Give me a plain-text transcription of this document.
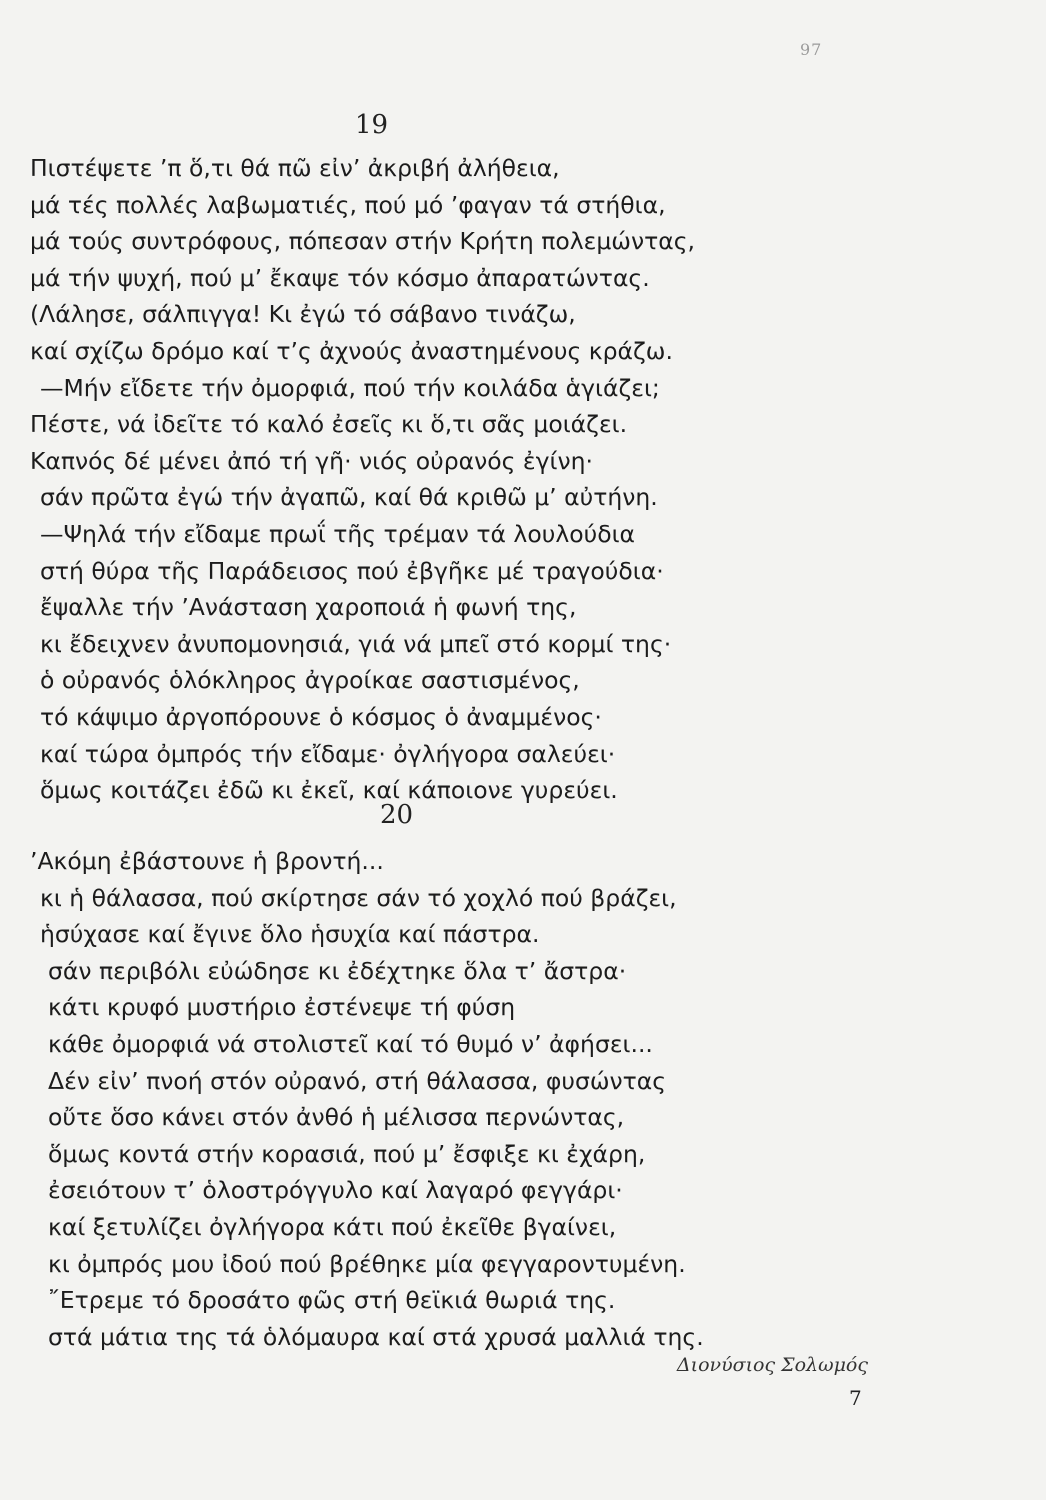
97
19
Πιστέψετε ’π ὅ,τι θά πῶ εἰν’ ἀκριβή ἀλήθεια,
μά τές πολλές λαβωματιές, πού μό ’φαγαν τά στήθια,
μά τούς συντρόφους, πόπεσαν στήν Κρήτη πολεμώντας,
μά τήν ψυχή, πού μ’ ἔκαψε τόν κόσμο ἀπαρατώντας.
(Λάλησε, σάλπιγγα! Κι ἐγώ τό σάβανο τινάζω,
καί σχίζω δρόμο καί τ’ς ἀχνούς ἀναστημένους κράζω.
—Μήν εἴδετε τήν ὀμορφιά, πού τήν κοιλάδα ἁγιάζει;
Πέστε, νά ἰδεῖτε τό καλό ἐσεῖς κι ὅ,τι σᾶς μοιάζει.
Καπνός δέ μένει ἀπό τή γῆ· νιός οὐρανός ἐγίνη·
σάν πρῶτα ἐγώ τήν ἀγαπῶ, καί θά κριθῶ μ’ αὐτήνη.
—Ψηλά τήν εἴδαμε πρωΐ τῆς τρέμαν τά λουλούδια
στή θύρα τῆς Παράδεισος πού ἐβγῆκε μέ τραγούδια·
ἔψαλλε τήν ’Ανάσταση χαροποιά ἡ φωνή της,
κι ἔδειχνεν ἀνυπομονησιά, γιά νά μπεῖ στό κορμί της·
ὁ οὐρανός ὁλόκληρος ἀγροίκαε σαστισμένος,
τό κάψιμο ἀργοπόρουνε ὁ κόσμος ὁ ἀναμμένος·
καί τώρα ὀμπρός τήν εἴδαμε· ὀγλήγορα σαλεύει·
ὅμως κοιτάζει ἐδῶ κι ἐκεῖ, καί κάποιονε γυρεύει.
20
’Ακόμη ἐβάστουνε ἡ βροντή...
κι ἡ θάλασσα, πού σκίρτησε σάν τό χοχλό πού βράζει,
ἡσύχασε καί ἔγινε ὅλο ἡσυχία καί πάστρα.
σάν περιβόλι εὐώδησε κι ἐδέχτηκε ὅλα τ’ ἄστρα·
κάτι κρυφό μυστήριο ἐστένεψε τή φύση
κάθε ὀμορφιά νά στολιστεῖ καί τό θυμό ν’ ἀφήσει...
Δέν εἰν’ πνοή στόν οὐρανό, στή θάλασσα, φυσώντας
οὔτε ὅσο κάνει στόν ἀνθό ἡ μέλισσα περνώντας,
ὅμως κοντά στήν κορασιά, πού μ’ ἔσφιξε κι ἐχάρη,
ἐσειότουν τ’ ὁλοστρόγγυλο καί λαγαρό φεγγάρι·
καί ξετυλίζει ὀγλήγορα κάτι πού ἐκεῖθε βγαίνει,
κι ὀμπρός μου ἰδού πού βρέθηκε μία φεγγαροντυμένη.
῎Ετρεμε τό δροσάτο φῶς στή θεϊκιά θωριά της.
στά μάτια της τά ὁλόμαυρα καί στά χρυσά μαλλιά της.
Διονύσιος Σολωμός
7
